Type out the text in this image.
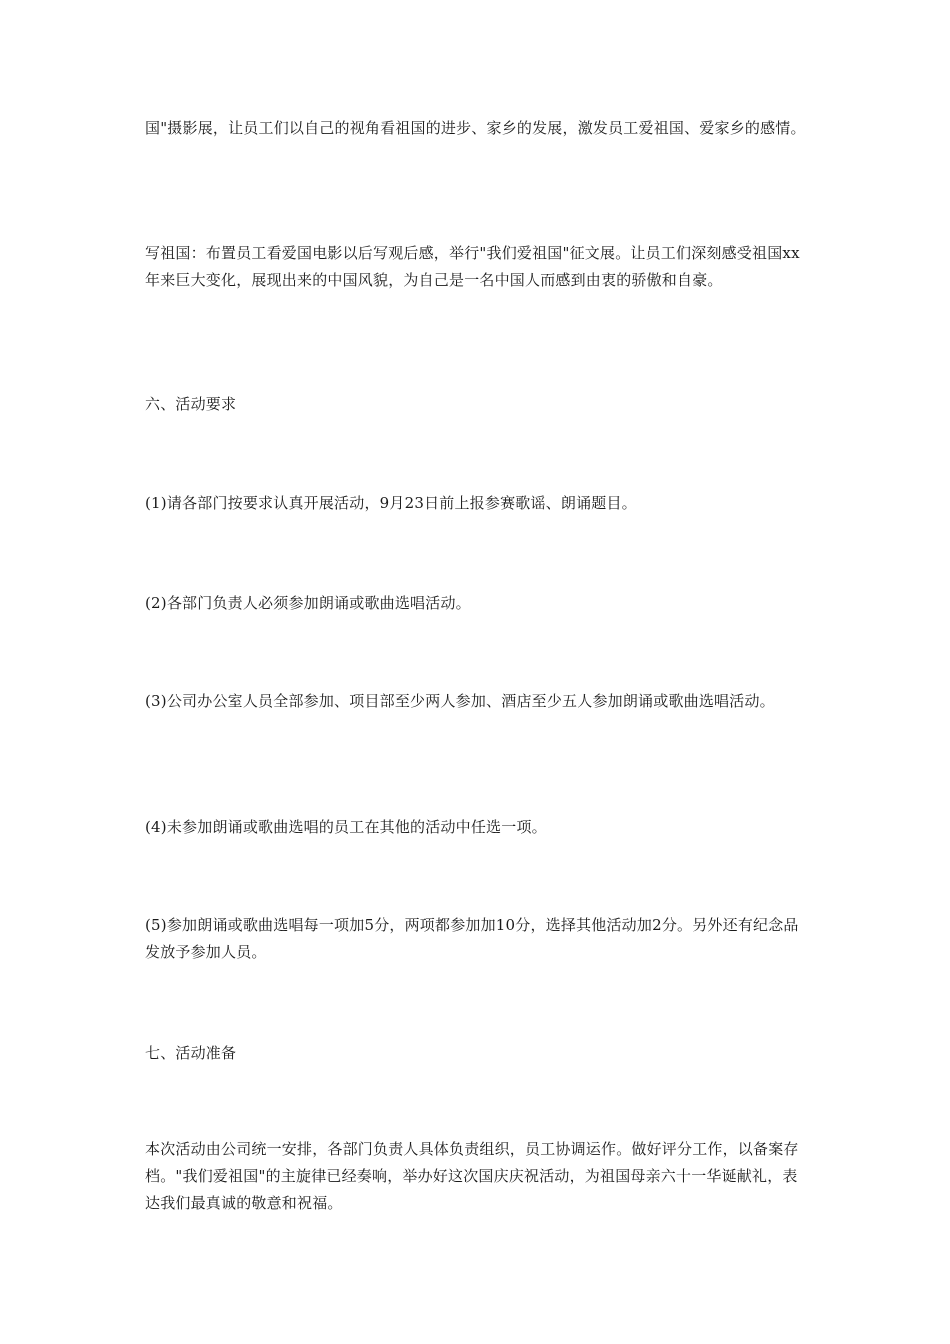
国"摄影展，让员工们以自己的视角看祖国的进步、家乡的发展，激发员工爱祖国、爱家乡的感情。

写祖国：布置员工看爱国电影以后写观后感，举行"我们爱祖国"征文展。让员工们深刻感受祖国xx年来巨大变化，展现出来的中国风貌，为自己是一名中国人而感到由衷的骄傲和自豪。

六、活动要求

(1)请各部门按要求认真开展活动，9月23日前上报参赛歌谣、朗诵题目。

(2)各部门负责人必须参加朗诵或歌曲选唱活动。

(3)公司办公室人员全部参加、项目部至少两人参加、酒店至少五人参加朗诵或歌曲选唱活动。

(4)未参加朗诵或歌曲选唱的员工在其他的活动中任选一项。

(5)参加朗诵或歌曲选唱每一项加5分，两项都参加加10分，选择其他活动加2分。另外还有纪念品发放予参加人员。

七、活动准备

本次活动由公司统一安排，各部门负责人具体负责组织，员工协调运作。做好评分工作，以备案存档。"我们爱祖国"的主旋律已经奏响，举办好这次国庆庆祝活动，为祖国母亲六十一华诞献礼，表达我们最真诚的敬意和祝福。
